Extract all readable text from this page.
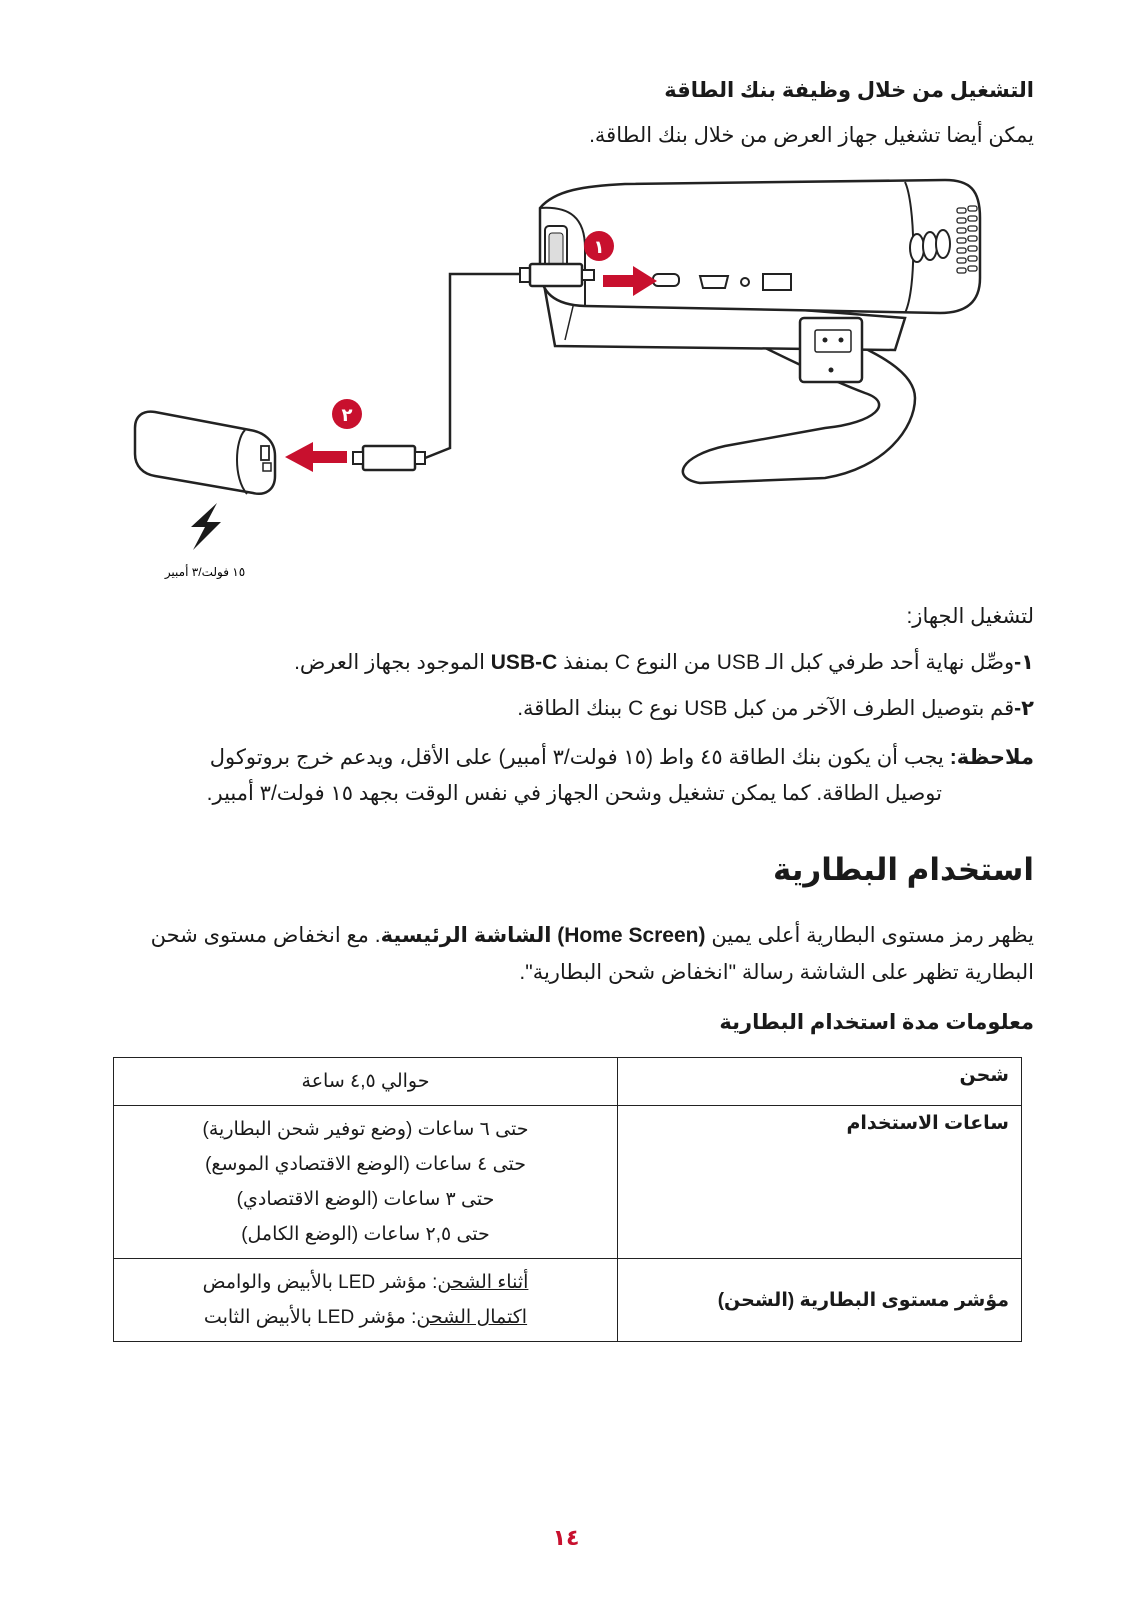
التشغيل من خلال وظيفة بنك الطاقة
يمكن أيضا تشغيل جهاز العرض من خلال بنك الطاقة.
١
٢
١٥ فولت/٣ أمبير
لتشغيل الجهاز:
١-وصِّل نهاية أحد طرفي كبل الـ USB من النوع C بمنفذ USB-C الموجود بجهاز العرض.
٢-قم بتوصيل الطرف الآخر من كبل USB نوع C ببنك الطاقة.
ملاحظة: يجب أن يكون بنك الطاقة ٤٥ واط (١٥ فولت/٣ أمبير) على الأقل، ويدعم خرج بروتوكول
توصيل الطاقة. كما يمكن تشغيل وشحن الجهاز في نفس الوقت بجهد ١٥ فولت/٣ أمبير.
استخدام البطارية
يظهر رمز مستوى البطارية أعلى يمين (Home Screen) الشاشة الرئيسية. مع انخفاض مستوى شحن
البطارية تظهر على الشاشة رسالة "انخفاض شحن البطارية".
معلومات مدة استخدام البطارية
شحن	حوالي ٤,٥ ساعة
ساعات الاستخدام	حتى ٦ ساعات (وضع توفير شحن البطارية)
حتى ٤ ساعات (الوضع الاقتصادي الموسع)
حتى ٣ ساعات (الوضع الاقتصادي)
حتى ٢,٥ ساعات (الوضع الكامل)

مؤشر مستوى البطارية (الشحن)	أثناء الشحن: مؤشر LED بالأبيض والوامض
اكتمال الشحن: مؤشر LED بالأبيض الثابت
١٤
